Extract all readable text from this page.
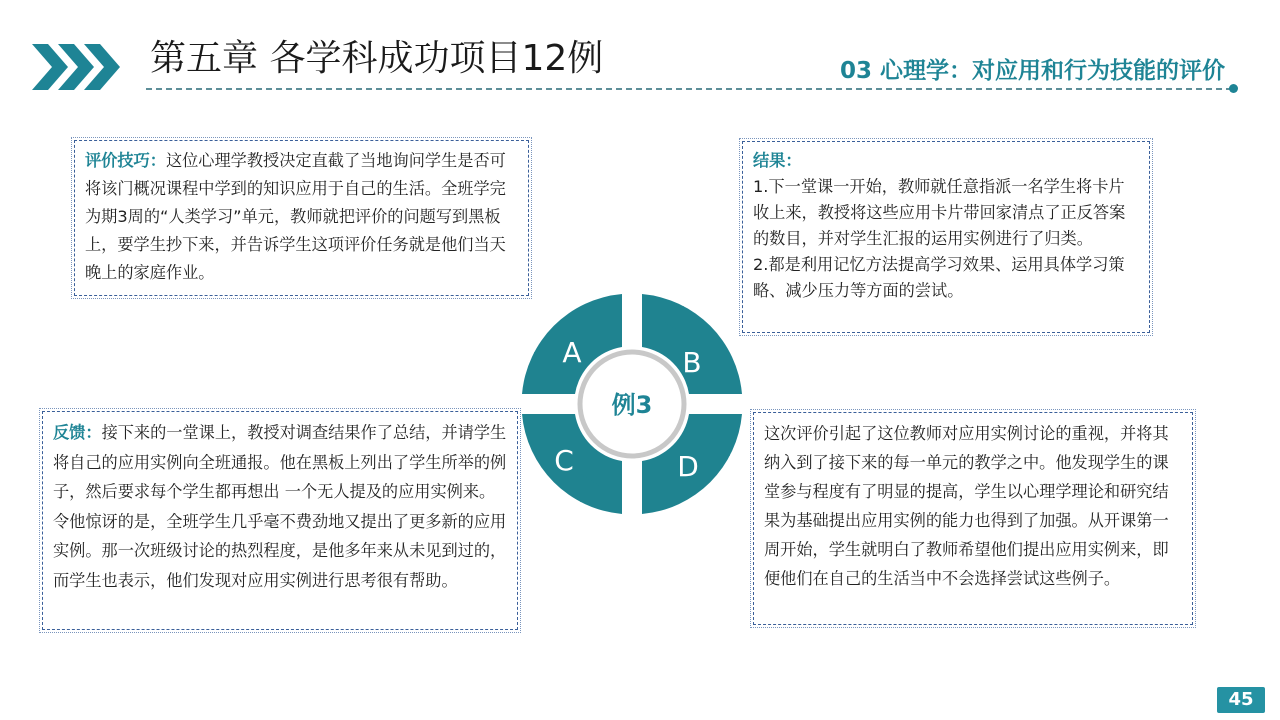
第五章 各学科成功项目12例	03 心理学：对应用和行为技能的评价
评价技巧：这位心理学教授决定直截了当地询问学生是否可将该门概况课程中学到的知识应用于自己的生活。全班学完为期3周的“人类学习”单元，教师就把评价的问题写到黑板上，要学生抄下来，并告诉学生这项评价任务就是他们当天晚上的家庭作业。
结果：
1.下一堂课一开始，教师就任意指派一名学生将卡片收上来，教授将这些应用卡片带回家清点了正反答案的数目，并对学生汇报的运用实例进行了归类。
2.都是利用记忆方法提高学习效果、运用具体学习策略、减少压力等方面的尝试。
反馈：接下来的一堂课上，教授对调查结果作了总结，并请学生将自己的应用实例向全班通报。他在黑板上列出了学生所举的例子，然后要求每个学生都再想出 一个无人提及的应用实例来。令他惊讶的是，全班学生几乎毫不费劲地又提出了更多新的应用实例。那一次班级讨论的热烈程度，是他多年来从未见到过的，而学生也表示，他们发现对应用实例进行思考很有帮助。
这次评价引起了这位教师对应用实例讨论的重视，并将其纳入到了接下来的每一单元的教学之中。他发现学生的课堂参与程度有了明显的提高，学生以心理学理论和研究结果为基础提出应用实例的能力也得到了加强。从开课第一周开始，学生就明白了教师希望他们提出应用实例来，即便他们在自己的生活当中不会选择尝试这些例子。
A	B
C	D
例3
45
